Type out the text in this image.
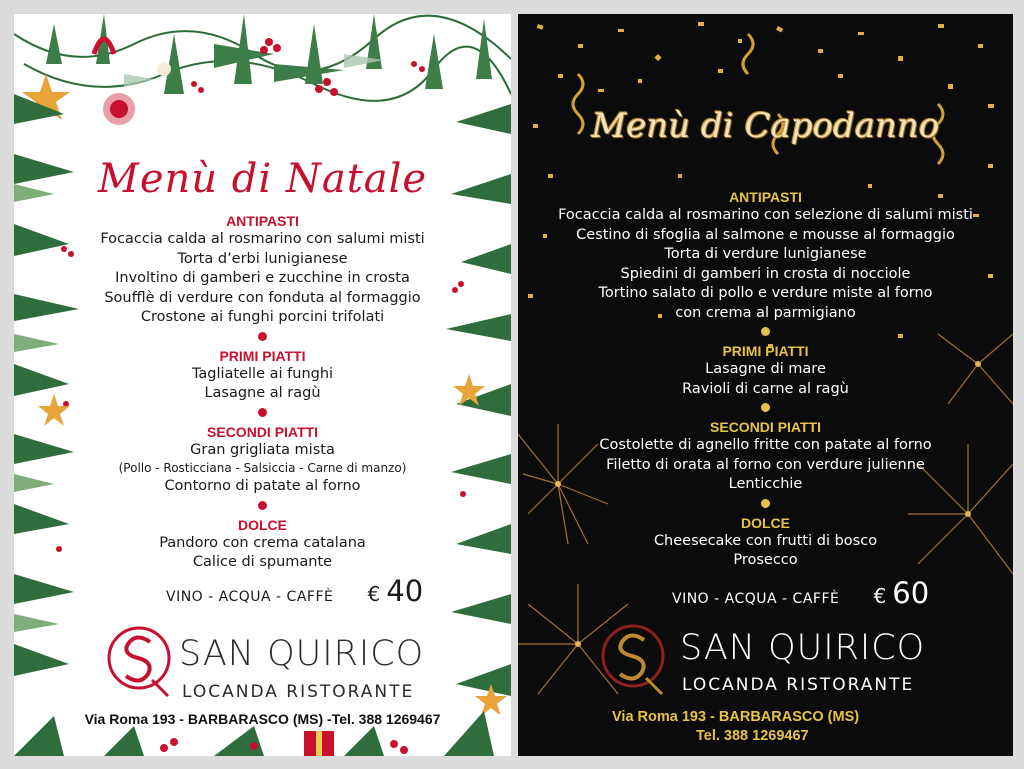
Menù di Natale
ANTIPASTI
Focaccia calda al rosmarino con salumi misti
Torta d’erbi lunigianese
Involtino di gamberi e zucchine in crosta
Soufflè di verdure con fonduta al formaggio
Crostone ai funghi porcini trifolati
PRIMI PIATTI
Tagliatelle ai funghi
Lasagne al ragù
SECONDI PIATTI
Gran grigliata mista
(Pollo - Rosticciana - Salsiccia - Carne di manzo)
Contorno di patate al forno
DOLCE
Pandoro con crema catalana
Calice di spumante
VINO - ACQUA - CAFFÈ € 40
SAN QUIRICO
LOCANDA RISTORANTE
Via Roma 193 - BARBARASCO (MS) -Tel. 388 1269467
Menù di Capodanno
ANTIPASTI
Focaccia calda al rosmarino con selezione di salumi misti
Cestino di sfoglia al salmone e mousse al formaggio
Torta di verdure lunigianese
Spiedini di gamberi in crosta di nocciole
Tortino salato di pollo e verdure miste al forno
con crema al parmigiano
PRIMI PIATTI
Lasagne di mare
Ravioli di carne al ragù
SECONDI PIATTI
Costolette di agnello fritte con patate al forno
Filetto di orata al forno con verdure julienne
Lenticchie
DOLCE
Cheesecake con frutti di bosco
Prosecco
VINO - ACQUA - CAFFÈ € 60
SAN QUIRICO
LOCANDA RISTORANTE
Via Roma 193 - BARBARASCO (MS)
Tel. 388 1269467
